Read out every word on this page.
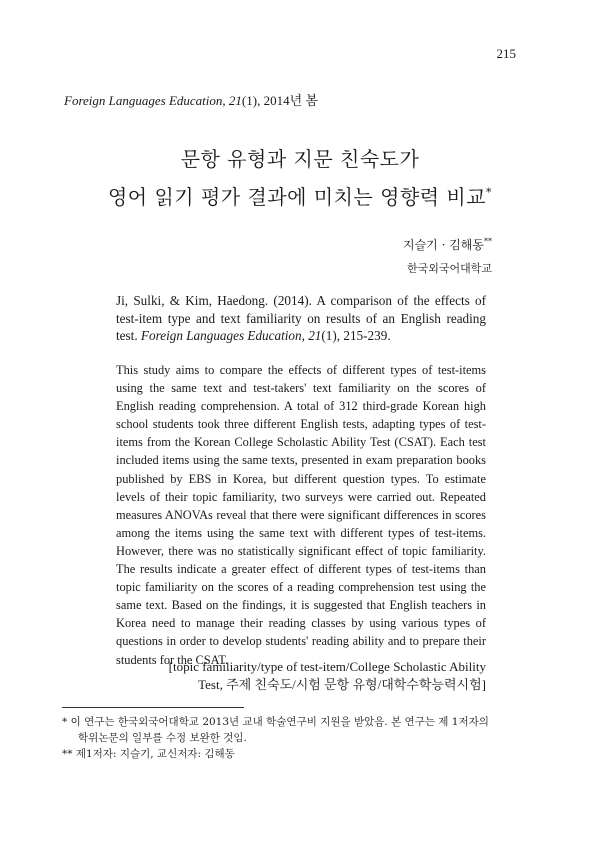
215
Foreign Languages Education, 21(1), 2014년 봄
문항 유형과 지문 친숙도가
영어 읽기 평가 결과에 미치는 영향력 비교*
지슬기 · 김해동**
한국외국어대학교
Ji, Sulki, & Kim, Haedong. (2014). A comparison of the effects of test-item type and text familiarity on results of an English reading test. Foreign Languages Education, 21(1), 215-239.
This study aims to compare the effects of different types of test-items using the same text and test-takers' text familiarity on the scores of English reading comprehension. A total of 312 third-grade Korean high school students took three different English tests, adapting types of test-items from the Korean College Scholastic Ability Test (CSAT). Each test included items using the same texts, presented in exam preparation books published by EBS in Korea, but different question types. To estimate levels of their topic familiarity, two surveys were carried out. Repeated measures ANOVAs reveal that there were significant differences in scores among the items using the same text with different types of test-items. However, there was no statistically significant effect of topic familiarity. The results indicate a greater effect of different types of test-items than topic familiarity on the scores of a reading comprehension test using the same text. Based on the findings, it is suggested that English teachers in Korea need to manage their reading classes by using various types of questions in order to develop students' reading ability and to prepare their students for the CSAT.
[topic familiarity/type of test-item/College Scholastic Ability
Test, 주제 친숙도/시험 문항 유형/대학수학능력시험]
* 이 연구는 한국외국어대학교 2013년 교내 학술연구비 지원을 받았음. 본 연구는 제 1저자의
학위논문의 일부를 수정 보완한 것임.
** 제1저자: 지슬기, 교신저자: 김해동
